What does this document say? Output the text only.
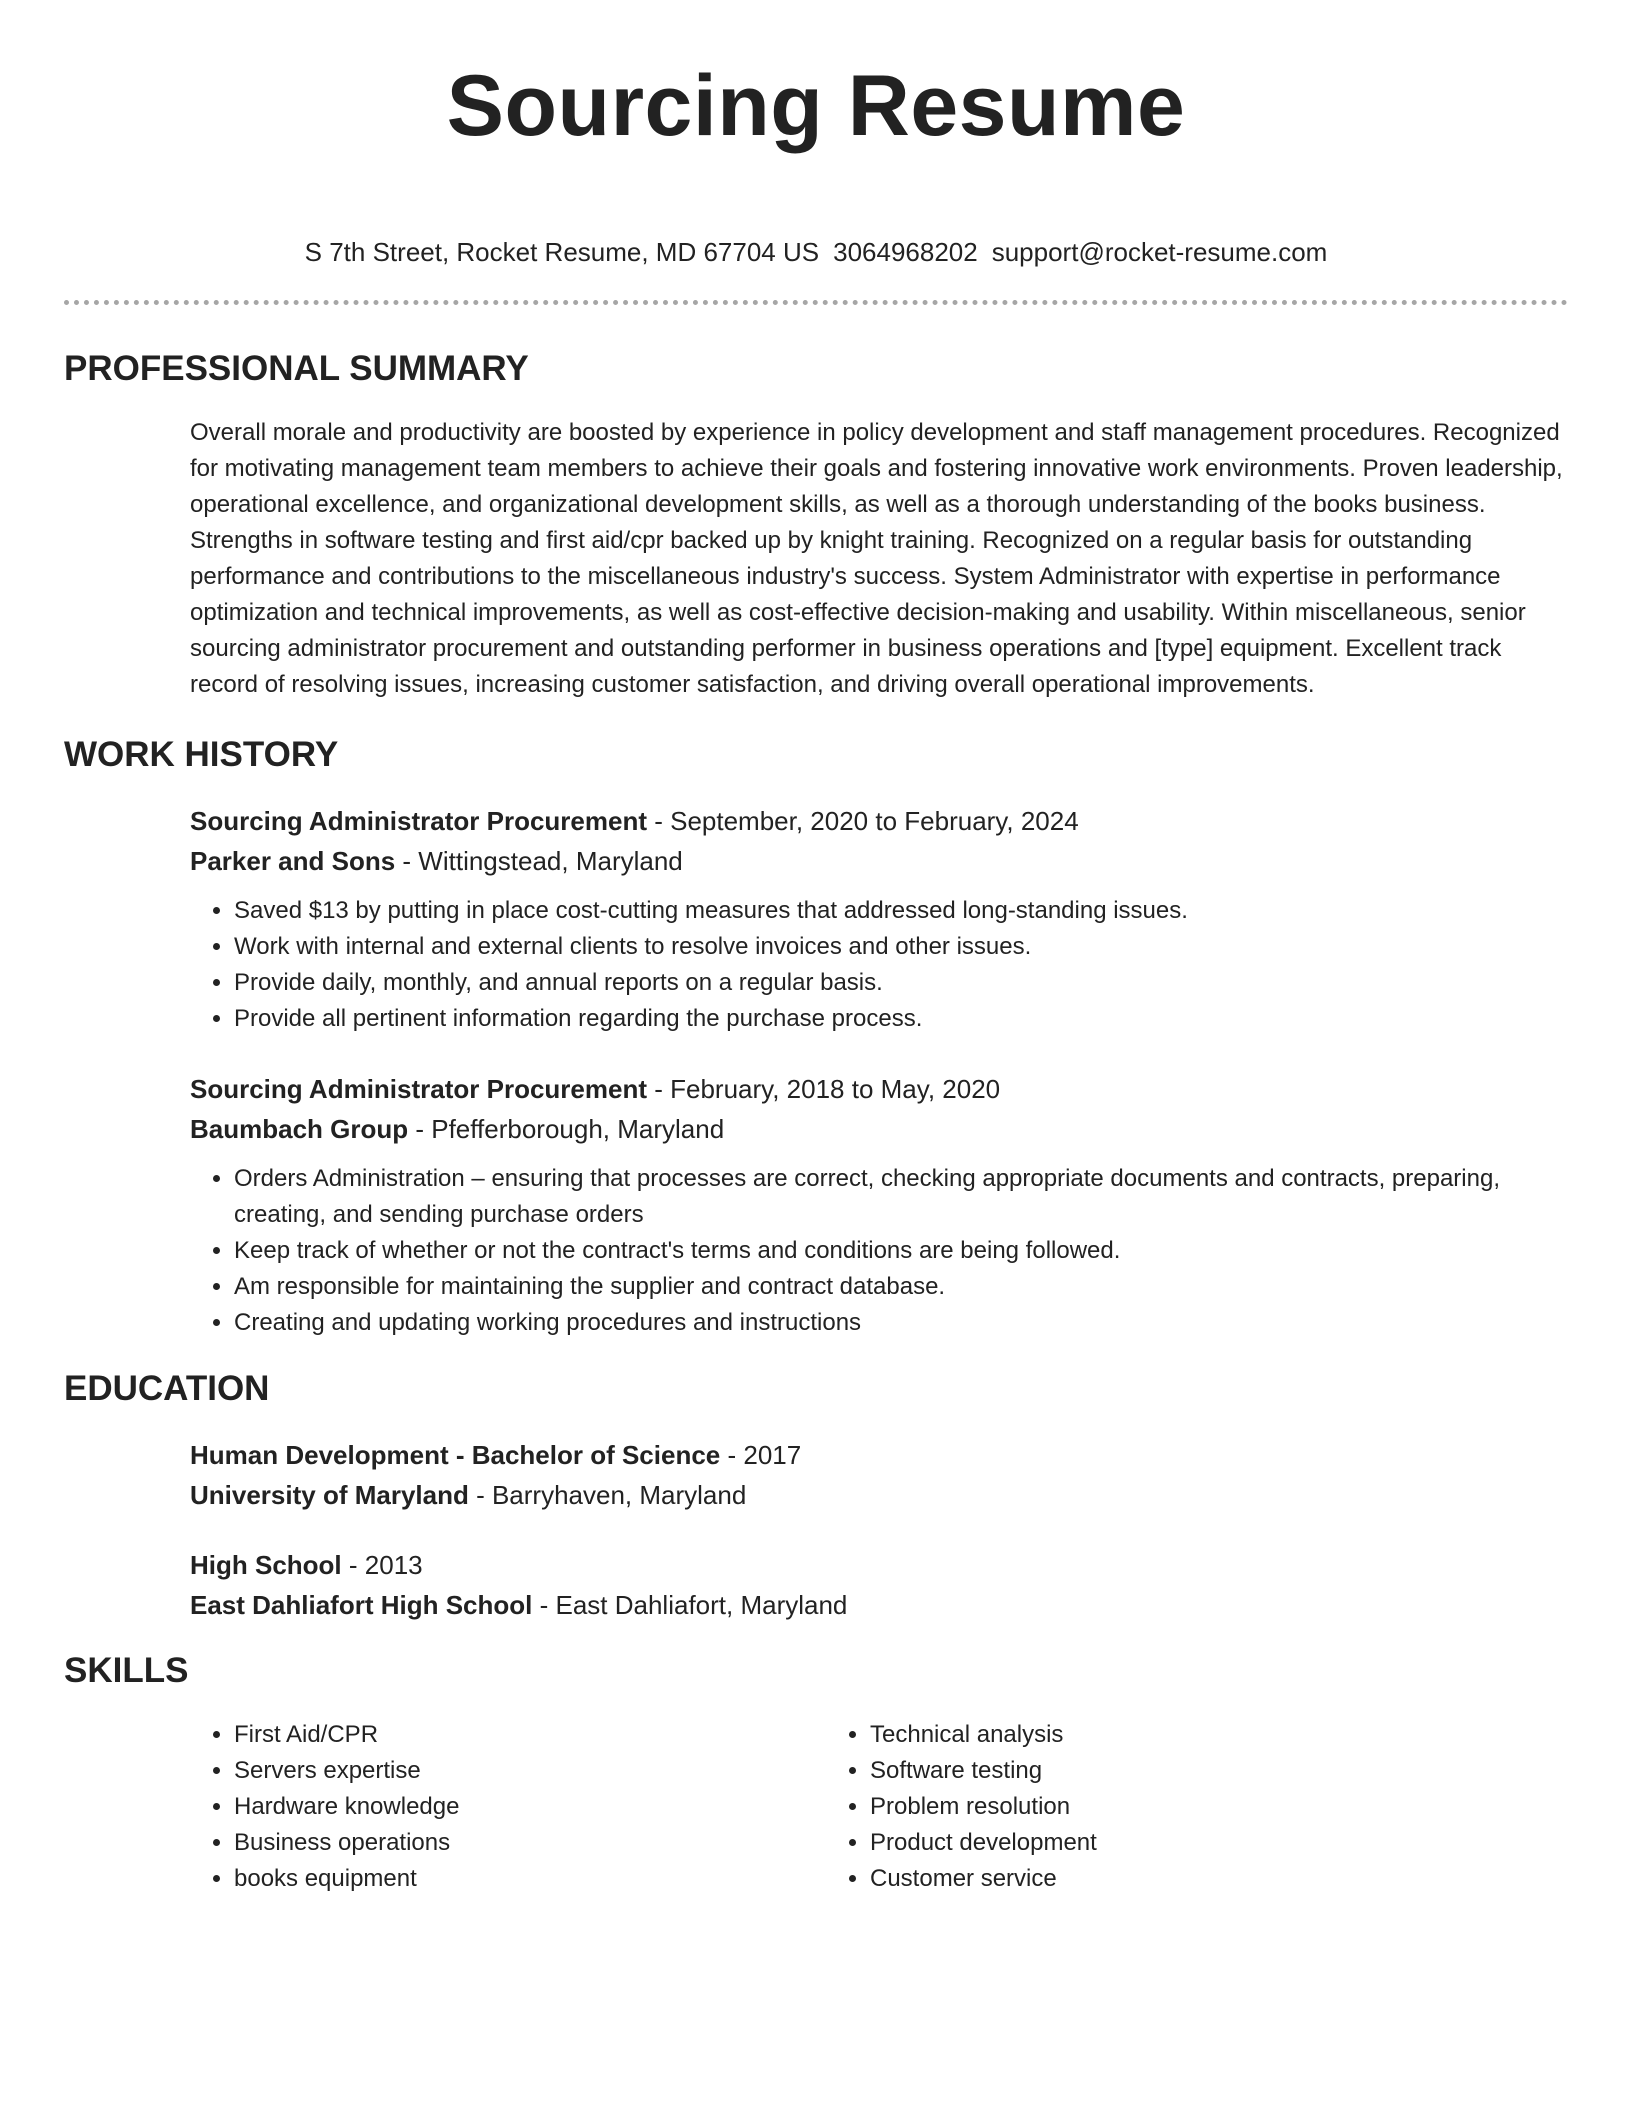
Sourcing Resume
S 7th Street, Rocket Resume, MD 67704 US 3064968202 support@rocket-resume.com
PROFESSIONAL SUMMARY

Overall morale and productivity are boosted by experience in policy development and staff management procedures. Recognized for motivating management team members to achieve their goals and fostering innovative work environments. Proven leadership, operational excellence, and organizational development skills, as well as a thorough understanding of the books business. Strengths in software testing and first aid/cpr backed up by knight training. Recognized on a regular basis for outstanding performance and contributions to the miscellaneous industry's success. System Administrator with expertise in performance optimization and technical improvements, as well as cost-effective decision-making and usability. Within miscellaneous, senior sourcing administrator procurement and outstanding performer in business operations and [type] equipment. Excellent track record of resolving issues, increasing customer satisfaction, and driving overall operational improvements.

WORK HISTORY
Sourcing Administrator Procurement - September, 2020 to February, 2024
Parker and Sons - Wittingstead, Maryland
• Saved $13 by putting in place cost-cutting measures that addressed long-standing issues.
• Work with internal and external clients to resolve invoices and other issues.
• Provide daily, monthly, and annual reports on a regular basis.
• Provide all pertinent information regarding the purchase process.
Sourcing Administrator Procurement - February, 2018 to May, 2020
Baumbach Group - Pfefferborough, Maryland
• Orders Administration – ensuring that processes are correct, checking appropriate documents and contracts, preparing, creating, and sending purchase orders
• Keep track of whether or not the contract's terms and conditions are being followed.
• Am responsible for maintaining the supplier and contract database.
• Creating and updating working procedures and instructions
EDUCATION
Human Development - Bachelor of Science - 2017
University of Maryland - Barryhaven, Maryland
High School - 2013
East Dahliafort High School - East Dahliafort, Maryland
SKILLS
• First Aid/CPR
• Servers expertise
• Hardware knowledge
• Business operations
• books equipment
• Technical analysis
• Software testing
• Problem resolution
• Product development
• Customer service
